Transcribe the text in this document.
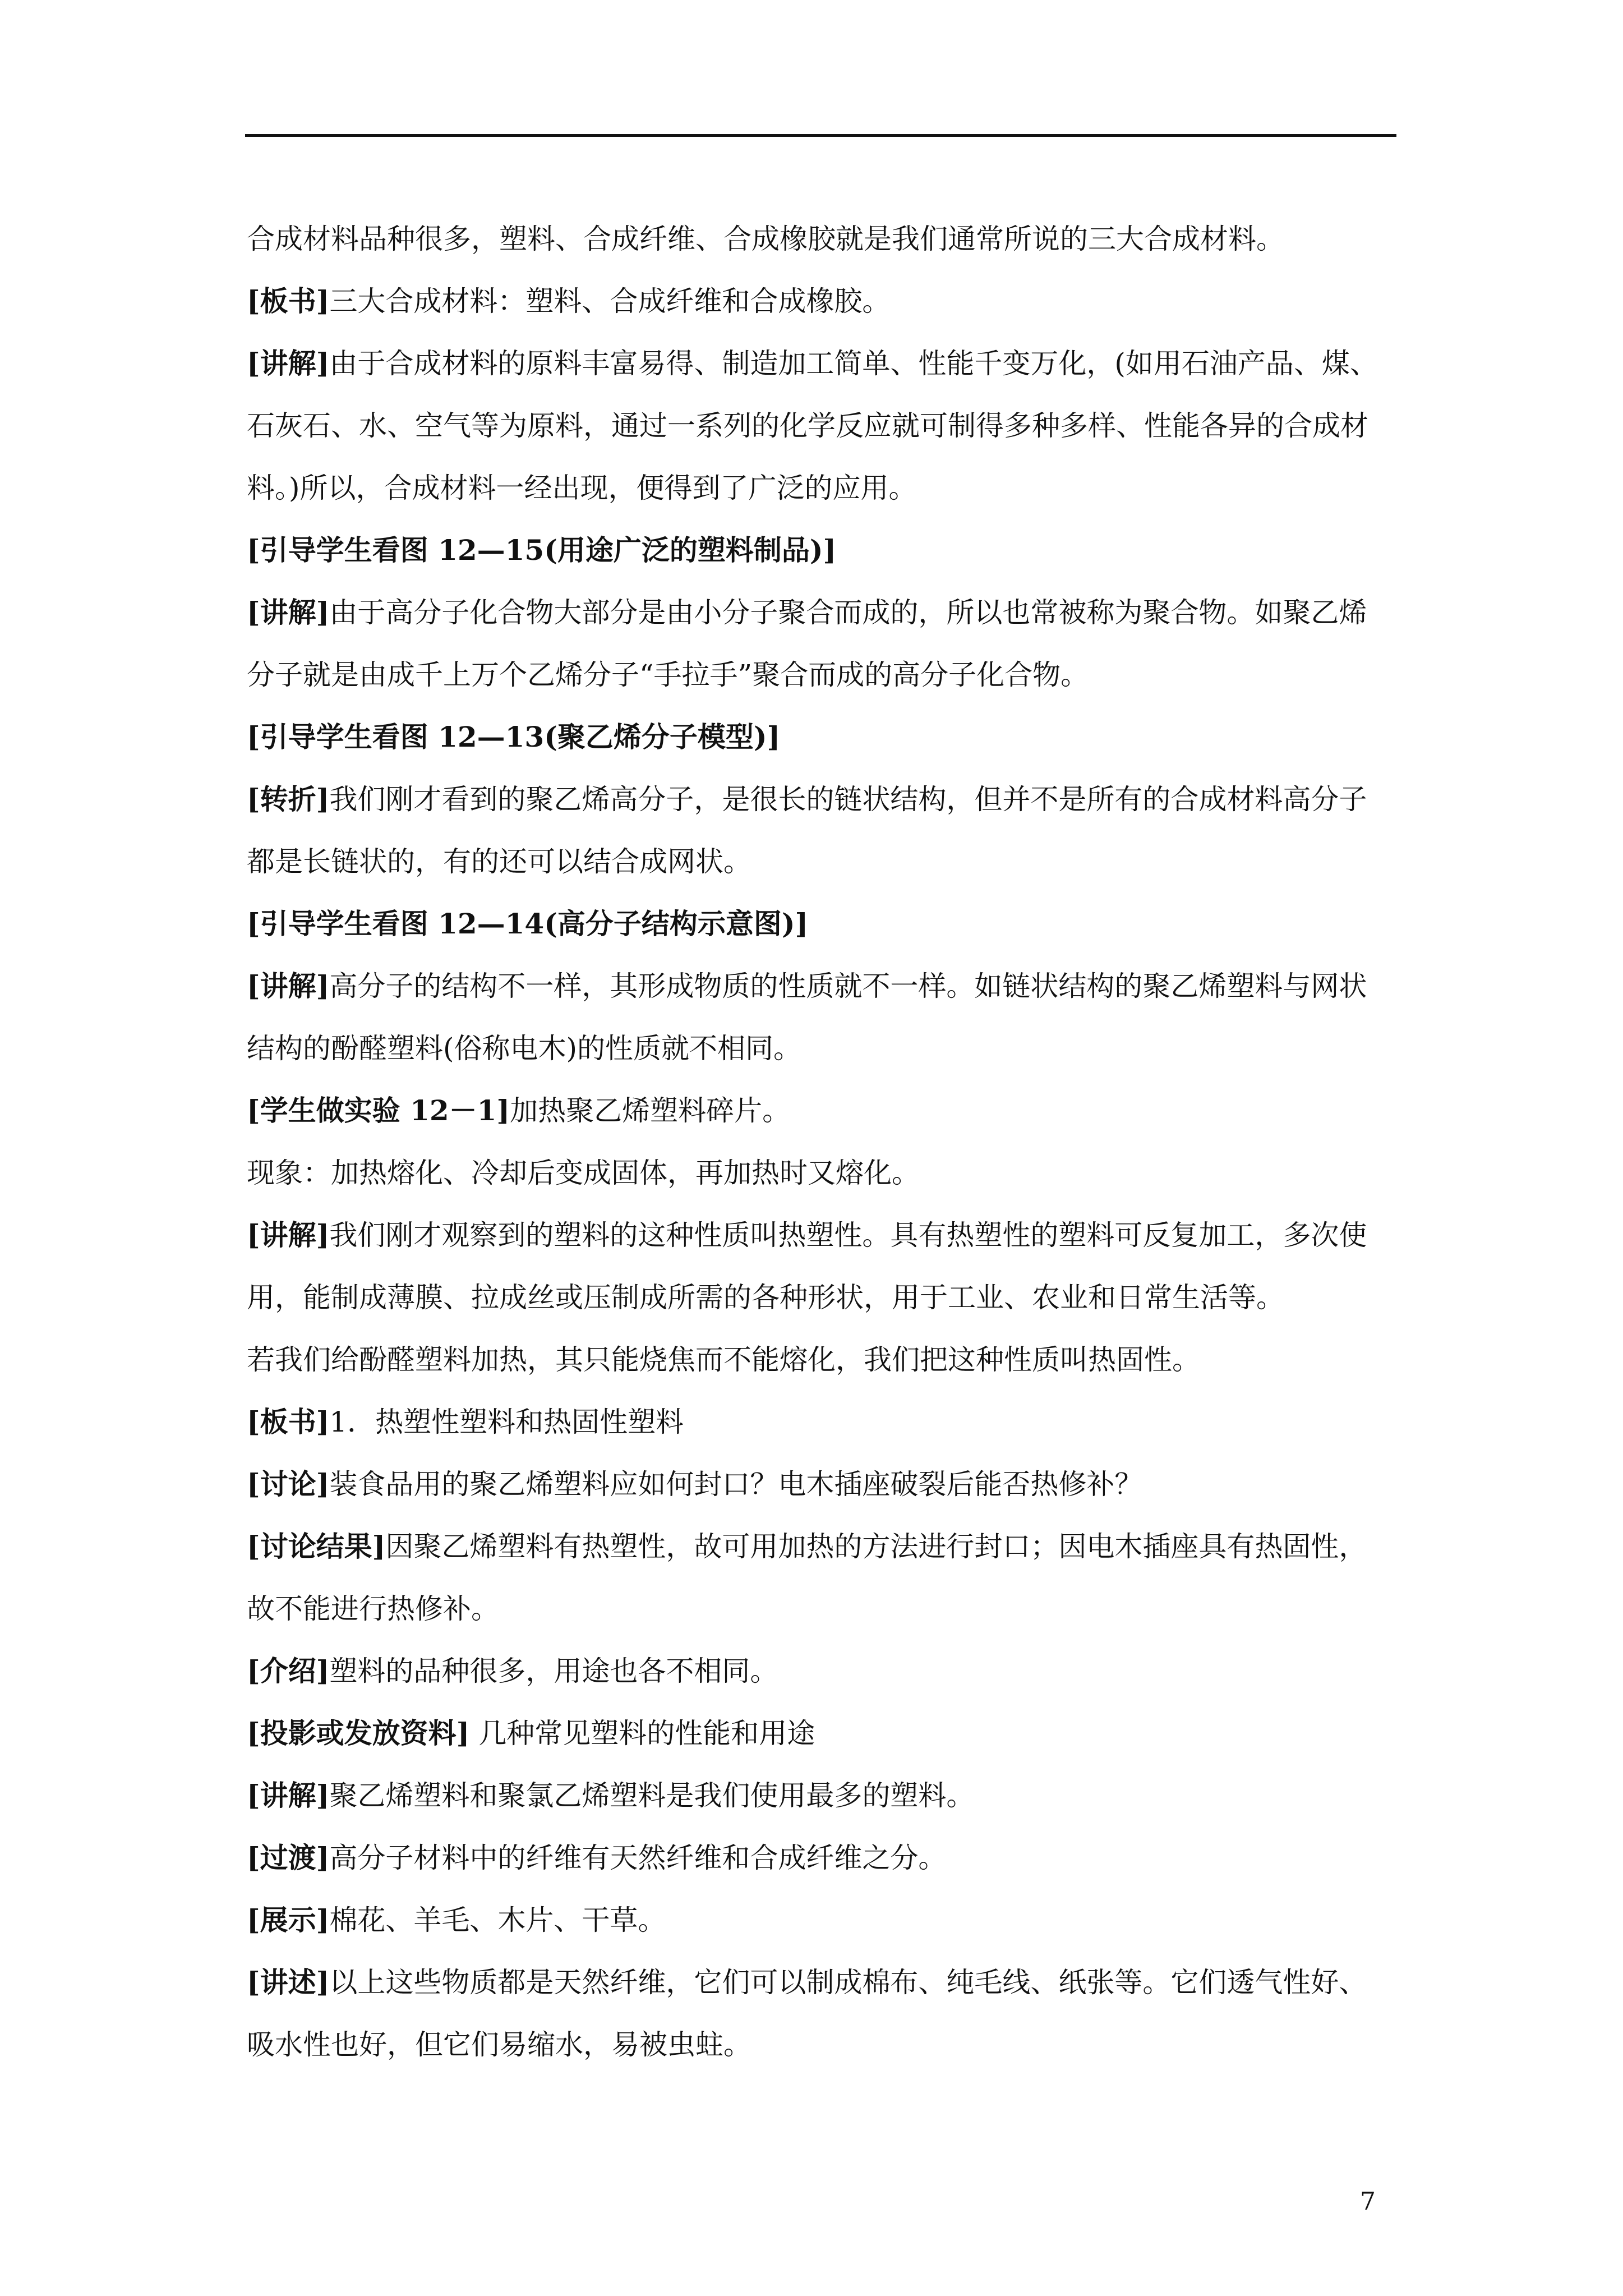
合成材料品种很多，塑料、合成纤维、合成橡胶就是我们通常所说的三大合成材料。
[板书]三大合成材料：塑料、合成纤维和合成橡胶。
[讲解]由于合成材料的原料丰富易得、制造加工简单、性能千变万化，(如用石油产品、煤、
石灰石、水、空气等为原料，通过一系列的化学反应就可制得多种多样、性能各异的合成材
料。)所以，合成材料一经出现，便得到了广泛的应用。
[引导学生看图 12—15(用途广泛的塑料制品)]
[讲解]由于高分子化合物大部分是由小分子聚合而成的，所以也常被称为聚合物。如聚乙烯
分子就是由成千上万个乙烯分子“手拉手”聚合而成的高分子化合物。
[引导学生看图 12—13(聚乙烯分子模型)]
[转折]我们刚才看到的聚乙烯高分子，是很长的链状结构，但并不是所有的合成材料高分子
都是长链状的，有的还可以结合成网状。
[引导学生看图 12—14(高分子结构示意图)]
[讲解]高分子的结构不一样，其形成物质的性质就不一样。如链状结构的聚乙烯塑料与网状
结构的酚醛塑料(俗称电木)的性质就不相同。
[学生做实验 12－1]加热聚乙烯塑料碎片。
现象：加热熔化、冷却后变成固体，再加热时又熔化。
[讲解]我们刚才观察到的塑料的这种性质叫热塑性。具有热塑性的塑料可反复加工，多次使
用，能制成薄膜、拉成丝或压制成所需的各种形状，用于工业、农业和日常生活等。
若我们给酚醛塑料加热，其只能烧焦而不能熔化，我们把这种性质叫热固性。
[板书]1．热塑性塑料和热固性塑料
[讨论]装食品用的聚乙烯塑料应如何封口？电木插座破裂后能否热修补？
[讨论结果]因聚乙烯塑料有热塑性，故可用加热的方法进行封口；因电木插座具有热固性，
故不能进行热修补。
[介绍]塑料的品种很多，用途也各不相同。
[投影或发放资料] 几种常见塑料的性能和用途
[讲解]聚乙烯塑料和聚氯乙烯塑料是我们使用最多的塑料。
[过渡]高分子材料中的纤维有天然纤维和合成纤维之分。
[展示]棉花、羊毛、木片、干草。
[讲述]以上这些物质都是天然纤维，它们可以制成棉布、纯毛线、纸张等。它们透气性好、
吸水性也好，但它们易缩水，易被虫蛀。
7
